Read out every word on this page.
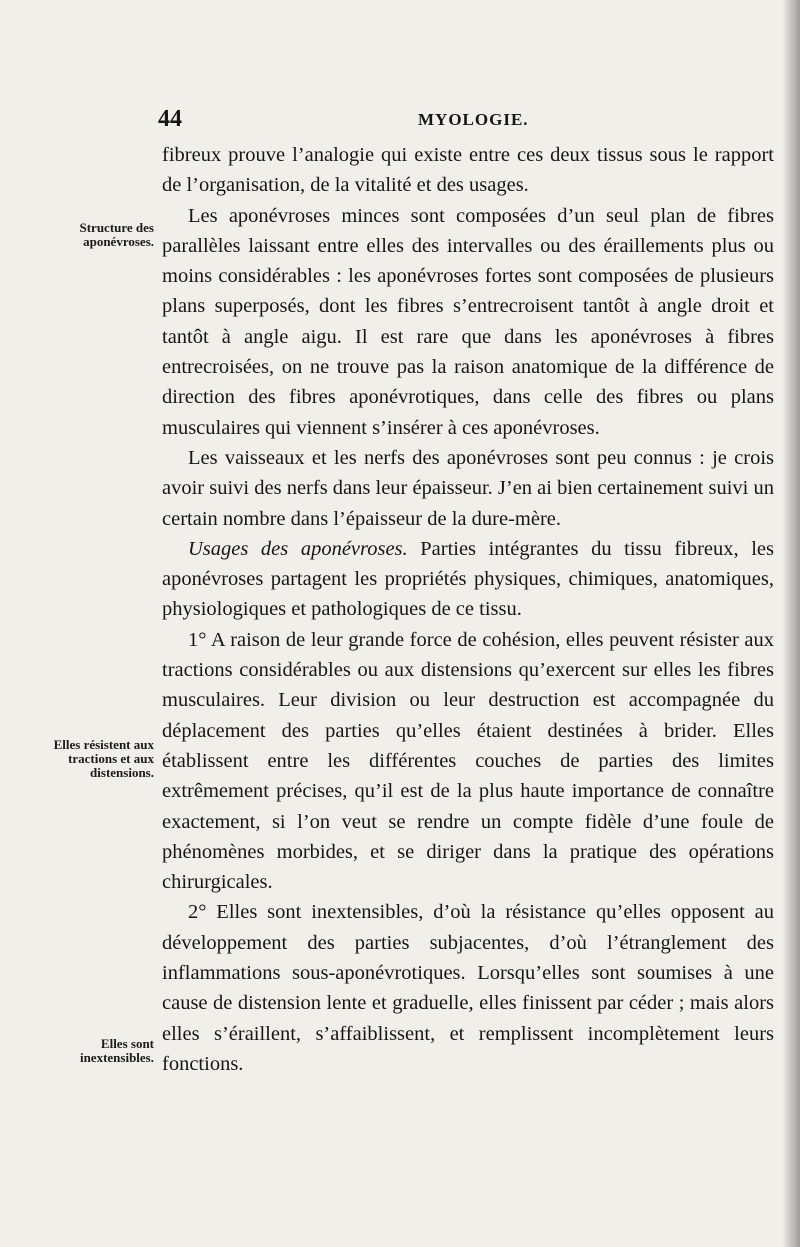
44	MYOLOGIE.
Structure des aponévroses.
Elles résistent aux tractions et aux distensions.
Elles sont inextensibles.

fibreux prouve l’analogie qui existe entre ces deux tissus sous le rapport de l’organisation, de la vitalité et des usages.

Les aponévroses minces sont composées d’un seul plan de fibres parallèles laissant entre elles des intervalles ou des éraillements plus ou moins considérables : les aponévroses fortes sont composées de plusieurs plans superposés, dont les fibres s’entrecroisent tantôt à angle droit et tantôt à angle aigu. Il est rare que dans les aponévroses à fibres entrecroisées, on ne trouve pas la raison anatomique de la différence de direction des fibres aponévrotiques, dans celle des fibres ou plans musculaires qui viennent s’insérer à ces aponévroses.

Les vaisseaux et les nerfs des aponévroses sont peu connus : je crois avoir suivi des nerfs dans leur épaisseur. J’en ai bien certainement suivi un certain nombre dans l’épaisseur de la dure-mère.

Usages des aponévroses. Parties intégrantes du tissu fibreux, les aponévroses partagent les propriétés physiques, chimiques, anatomiques, physiologiques et pathologiques de ce tissu.

1° A raison de leur grande force de cohésion, elles peuvent résister aux tractions considérables ou aux distensions qu’exercent sur elles les fibres musculaires. Leur division ou leur destruction est accompagnée du déplacement des parties qu’elles étaient destinées à brider. Elles établissent entre les différentes couches de parties des limites extrêmement précises, qu’il est de la plus haute importance de connaître exactement, si l’on veut se rendre un compte fidèle d’une foule de phénomènes morbides, et se diriger dans la pratique des opérations chirurgicales.

2° Elles sont inextensibles, d’où la résistance qu’elles opposent au développement des parties subjacentes, d’où l’étranglement des inflammations sous-aponévrotiques. Lorsqu’elles sont soumises à une cause de distension lente et graduelle, elles finissent par céder ; mais alors elles s’éraillent, s’affaiblissent, et remplissent incomplètement leurs fonctions.
